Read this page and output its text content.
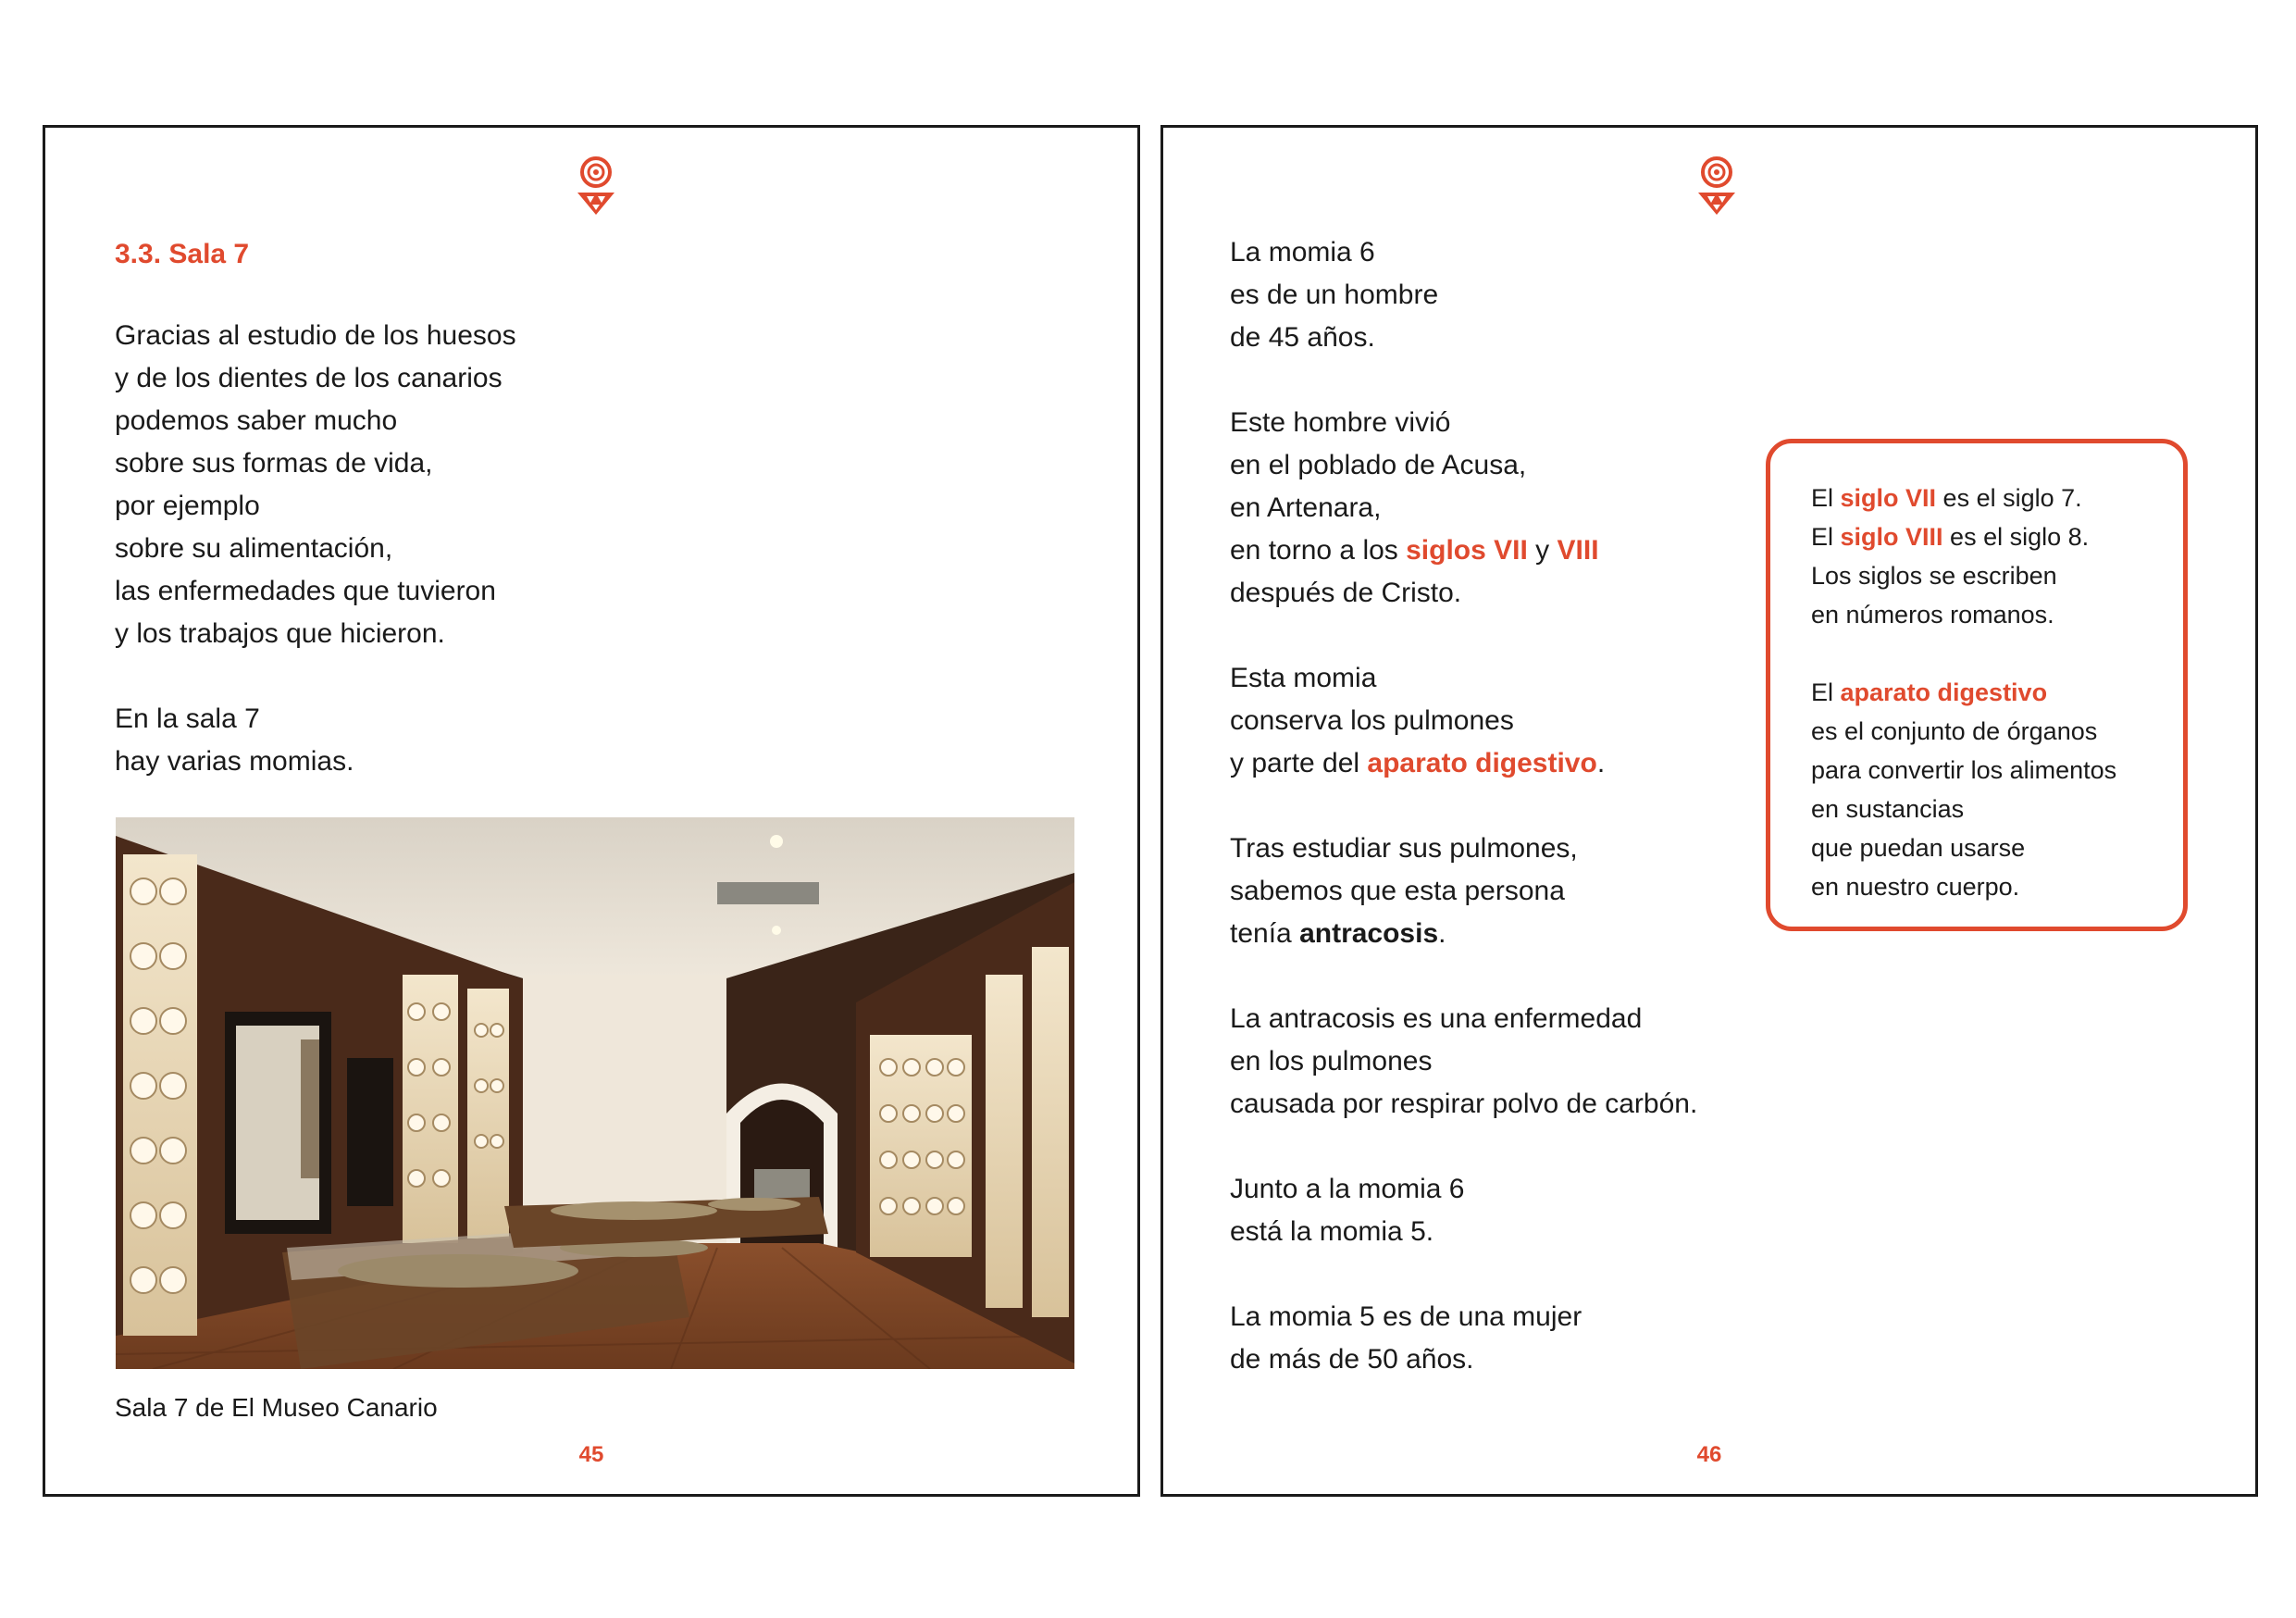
3.3. Sala 7

Gracias al estudio de los huesos
y de los dientes de los canarios
podemos saber mucho
sobre sus formas de vida,
por ejemplo
sobre su alimentación,
las enfermedades que tuvieron
y los trabajos que hicieron.

En la sala 7
hay varias momias.

Sala 7 de El Museo Canario

45

La momia 6
es de un hombre
de 45 años.

Este hombre vivió
en el poblado de Acusa,
en Artenara,
en torno a los siglos VII y VIII
después de Cristo.

Esta momia
conserva los pulmones
y parte del aparato digestivo.

Tras estudiar sus pulmones,
sabemos que esta persona
tenía antracosis.

La antracosis es una enfermedad
en los pulmones
causada por respirar polvo de carbón.

Junto a la momia 6
está la momia 5.

La momia 5 es de una mujer
de más de 50 años.

El siglo VII es el siglo 7.
El siglo VIII es el siglo 8.
Los siglos se escriben
en números romanos.
El aparato digestivo
es el conjunto de órganos
para convertir los alimentos
en sustancias
que puedan usarse
en nuestro cuerpo.

46
